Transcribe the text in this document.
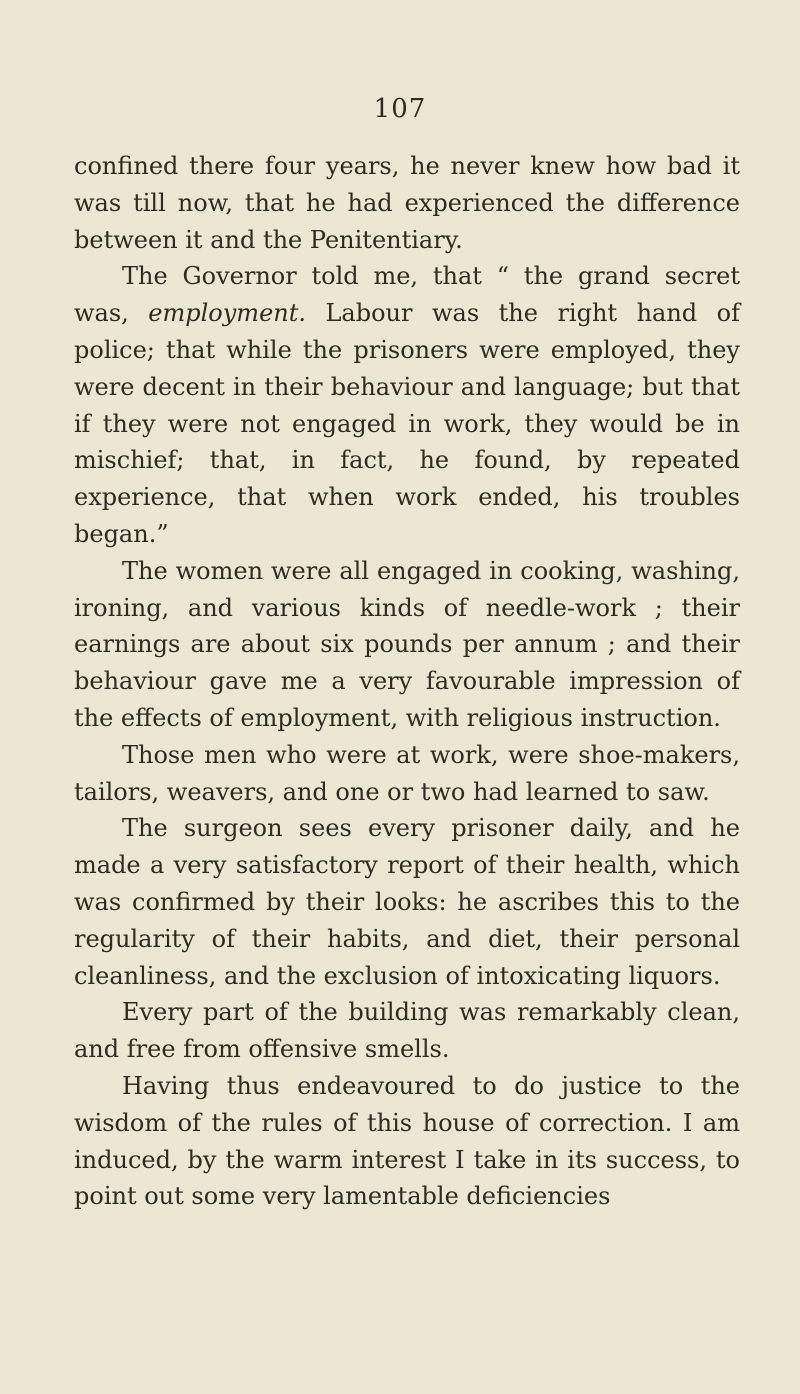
107

confined there four years, he never knew how bad it was till now, that he had experienced the difference between it and the Penitentiary.

The Governor told me, that “ the grand secret was, employment. Labour was the right hand of police; that while the prisoners were employed, they were decent in their behaviour and language; but that if they were not engaged in work, they would be in mischief; that, in fact, he found, by repeated experience, that when work ended, his troubles began.”

The women were all engaged in cooking, washing, ironing, and various kinds of needle-work ; their earnings are about six pounds per annum ; and their behaviour gave me a very favourable impression of the effects of employment, with religious instruction.

Those men who were at work, were shoe-makers, tailors, weavers, and one or two had learned to saw.

The surgeon sees every prisoner daily, and he made a very satisfactory report of their health, which was confirmed by their looks: he ascribes this to the regularity of their habits, and diet, their personal cleanliness, and the exclusion of intoxicating liquors.

Every part of the building was remarkably clean, and free from offensive smells.

Having thus endeavoured to do justice to the wisdom of the rules of this house of correction. I am induced, by the warm interest I take in its success, to point out some very lamentable deficiencies
